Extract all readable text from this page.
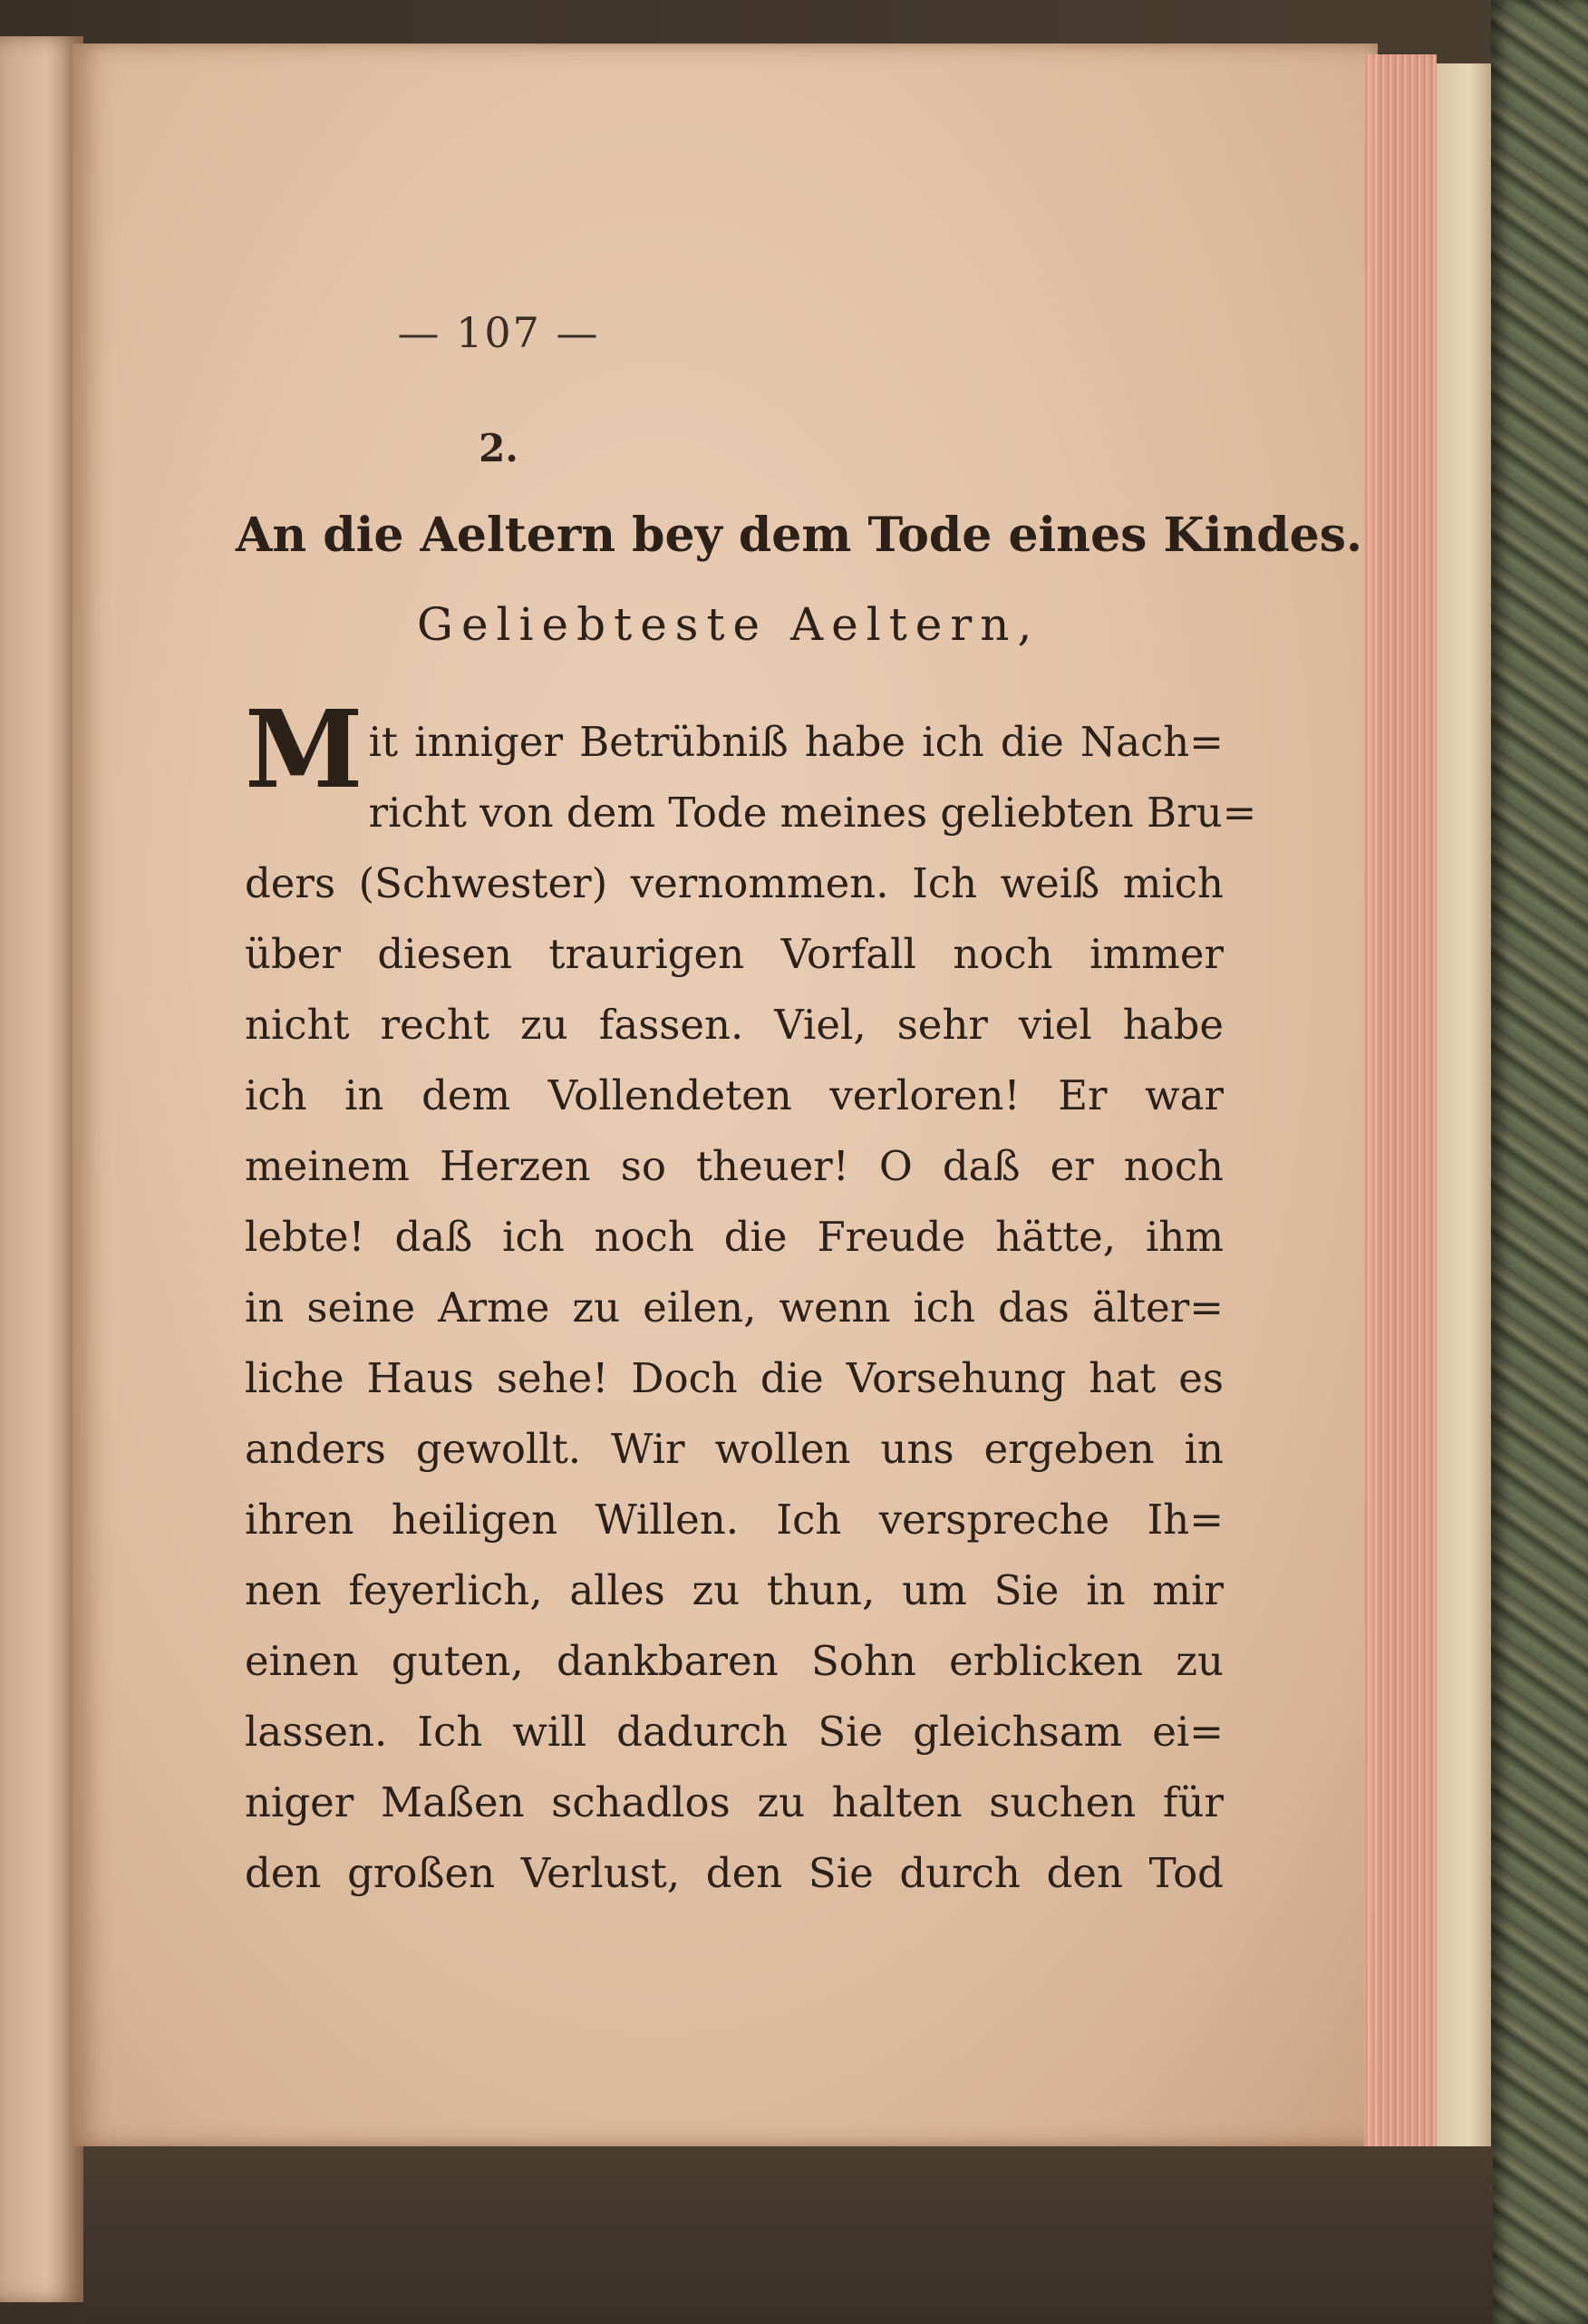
— 107 —
2.
An die Aeltern bey dem Tode eines Kindes.
Geliebteste Aeltern,
M it inniger Betrübniß habe ich die Nach=
richt von dem Tode meines geliebten Bru=
ders (Schwester) vernommen. Ich weiß mich
über diesen traurigen Vorfall noch immer
nicht recht zu fassen. Viel, sehr viel habe
ich in dem Vollendeten verloren! Er war
meinem Herzen so theuer! O daß er noch
lebte! daß ich noch die Freude hätte, ihm
in seine Arme zu eilen, wenn ich das älter=
liche Haus sehe! Doch die Vorsehung hat es
anders gewollt. Wir wollen uns ergeben in
ihren heiligen Willen. Ich verspreche Ih=
nen feyerlich, alles zu thun, um Sie in mir
einen guten, dankbaren Sohn erblicken zu
lassen. Ich will dadurch Sie gleichsam ei=
niger Maßen schadlos zu halten suchen für
den großen Verlust, den Sie durch den Tod
